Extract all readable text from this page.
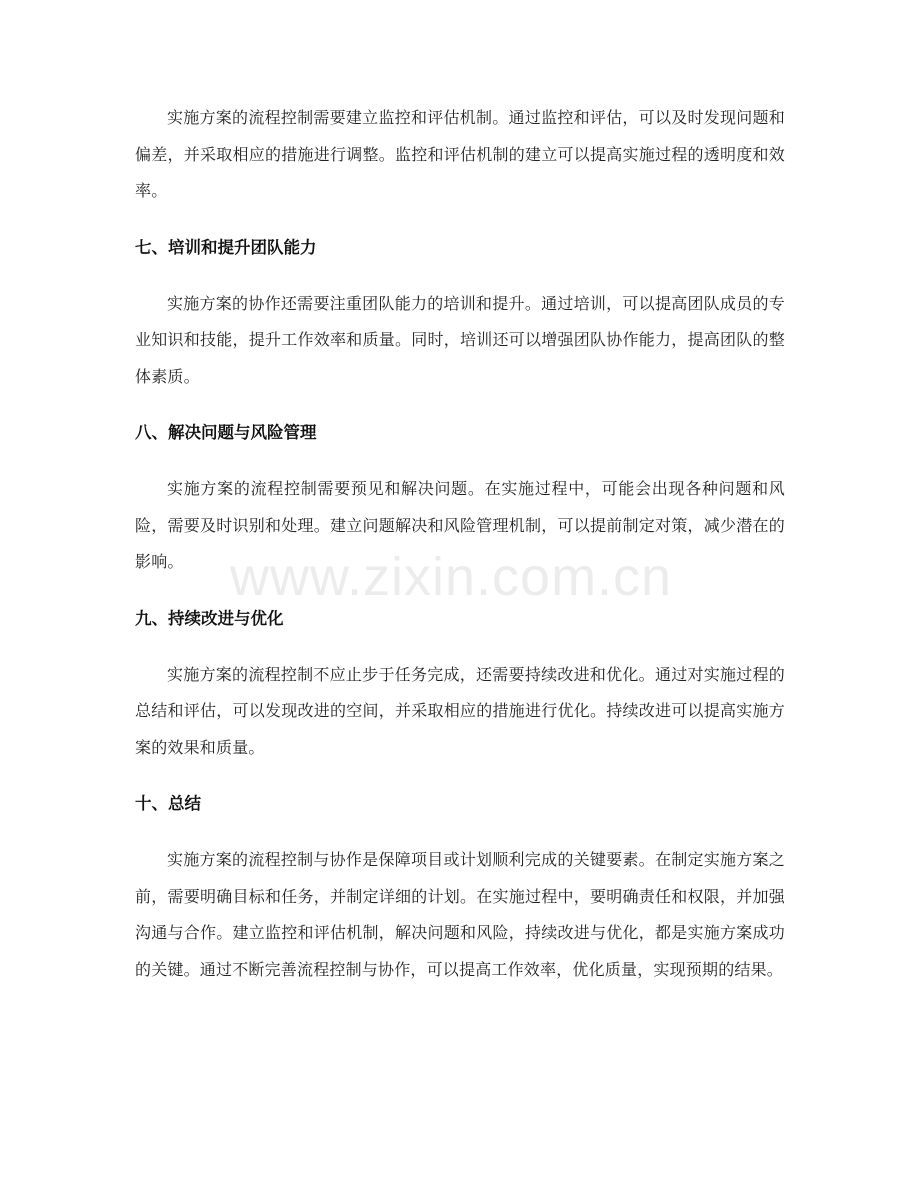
实施方案的流程控制需要建立监控和评估机制。通过监控和评估，可以及时发现问题和偏差，并采取相应的措施进行调整。监控和评估机制的建立可以提高实施过程的透明度和效率。

七、培训和提升团队能力

实施方案的协作还需要注重团队能力的培训和提升。通过培训，可以提高团队成员的专业知识和技能，提升工作效率和质量。同时，培训还可以增强团队协作能力，提高团队的整体素质。

八、解决问题与风险管理

实施方案的流程控制需要预见和解决问题。在实施过程中，可能会出现各种问题和风险，需要及时识别和处理。建立问题解决和风险管理机制，可以提前制定对策，减少潜在的影响。

九、持续改进与优化

实施方案的流程控制不应止步于任务完成，还需要持续改进和优化。通过对实施过程的总结和评估，可以发现改进的空间，并采取相应的措施进行优化。持续改进可以提高实施方案的效果和质量。

十、总结

实施方案的流程控制与协作是保障项目或计划顺利完成的关键要素。在制定实施方案之前，需要明确目标和任务，并制定详细的计划。在实施过程中，要明确责任和权限，并加强沟通与合作。建立监控和评估机制，解决问题和风险，持续改进与优化，都是实施方案成功的关键。通过不断完善流程控制与协作，可以提高工作效率，优化质量，实现预期的结果。

www.zixin.com.cn
